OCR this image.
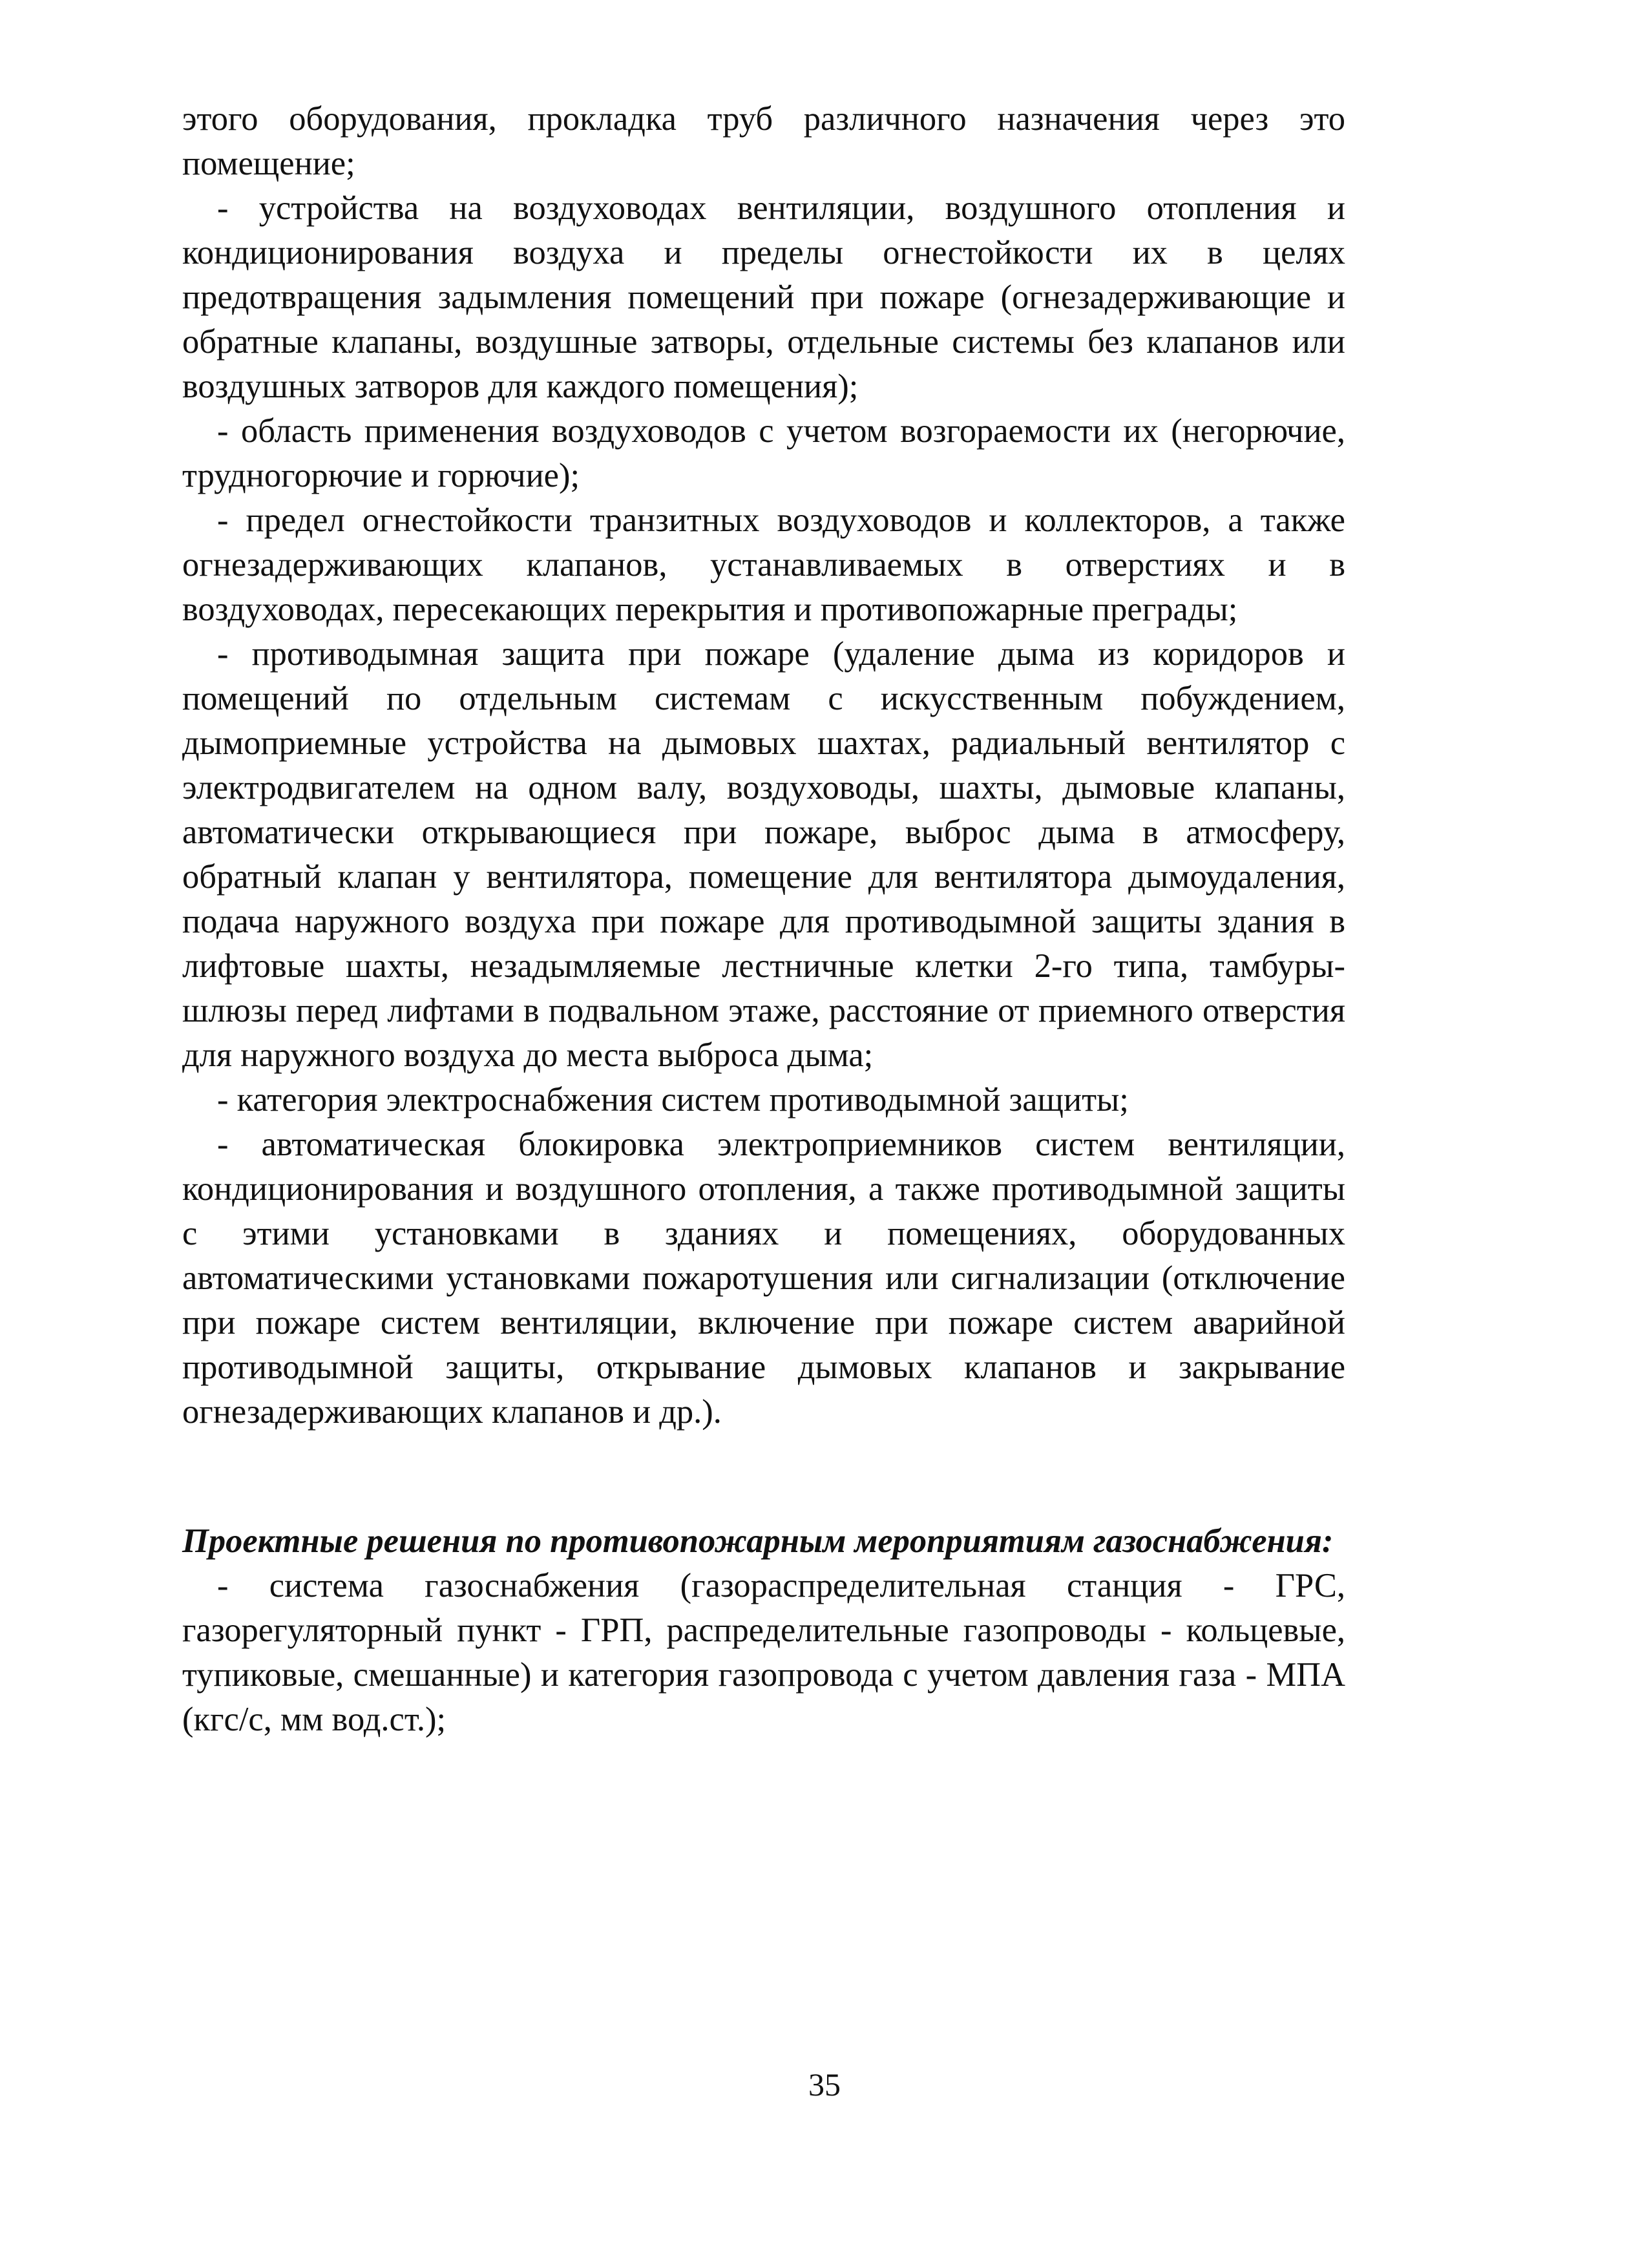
этого оборудования, прокладка труб различного назначения через это помещение;

- устройства на воздуховодах вентиляции, воздушного отопления и кондиционирования воздуха и пределы огнестойкости их в целях предотвращения задымления помещений при пожаре (огнезадерживающие и обратные клапаны, воздушные затворы, отдельные системы без клапанов или воздушных затворов для каждого помещения);

- область применения воздуховодов с учетом возгораемости их (негорючие, трудногорючие и горючие);

- предел огнестойкости транзитных воздуховодов и коллекторов, а также огнезадерживающих клапанов, устанавливаемых в отверстиях и в воздуховодах, пересекающих перекрытия и противопожарные преграды;

- противодымная защита при пожаре (удаление дыма из коридоров и помещений по отдельным системам с искусственным побуждением, дымоприемные устройства на дымовых шахтах, радиальный вентилятор с электродвигателем на одном валу, воздуховоды, шахты, дымовые клапаны, автоматически открывающиеся при пожаре, выброс дыма в атмосферу, обратный клапан у вентилятора, помещение для вентилятора дымоудаления, подача наружного воздуха при пожаре для противодымной защиты здания в лифтовые шахты, незадымляемые лестничные клетки 2-го типа, тамбуры-шлюзы перед лифтами в подвальном этаже, расстояние от приемного отверстия для наружного воздуха до места выброса дыма;

- категория электроснабжения систем противодымной защиты;

- автоматическая блокировка электроприемников систем вентиляции, кондиционирования и воздушного отопления, а также противодымной защиты с этими установками в зданиях и помещениях, оборудованных автоматическими установками пожаротушения или сигнализации (отключение при пожаре систем вентиляции, включение при пожаре систем аварийной противодымной защиты, открывание дымовых клапанов и закрывание огнезадерживающих клапанов и др.).

Проектные решения по противопожарным мероприятиям газоснабжения:

- система газоснабжения (газораспределительная станция - ГРС, газорегуляторный пункт - ГРП, распределительные газопроводы - кольцевые, тупиковые, смешанные) и категория газопровода с учетом давления газа - МПА (кгс/с, мм вод.ст.);

35
